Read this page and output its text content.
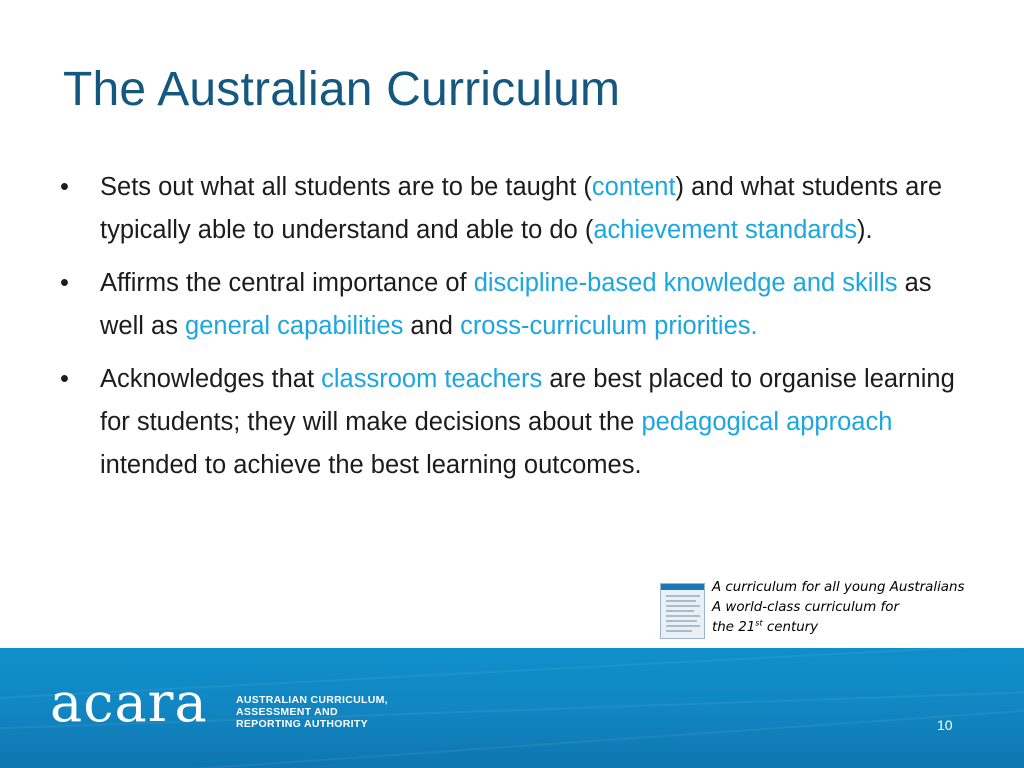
The Australian Curriculum
• Sets out what all students are to be taught (content) and what students are typically able to understand and able to do (achievement standards).
• Affirms the central importance of discipline-based knowledge and skills as well as general capabilities and cross-curriculum priorities.
• Acknowledges that classroom teachers are best placed to organise learning for students; they will make decisions about the pedagogical approach intended to achieve the best learning outcomes.
A curriculum for all young Australians
A world-class curriculum for
the 21st century
acara	AUSTRALIAN CURRICULUM,
ASSESSMENT AND
REPORTING AUTHORITY	10
